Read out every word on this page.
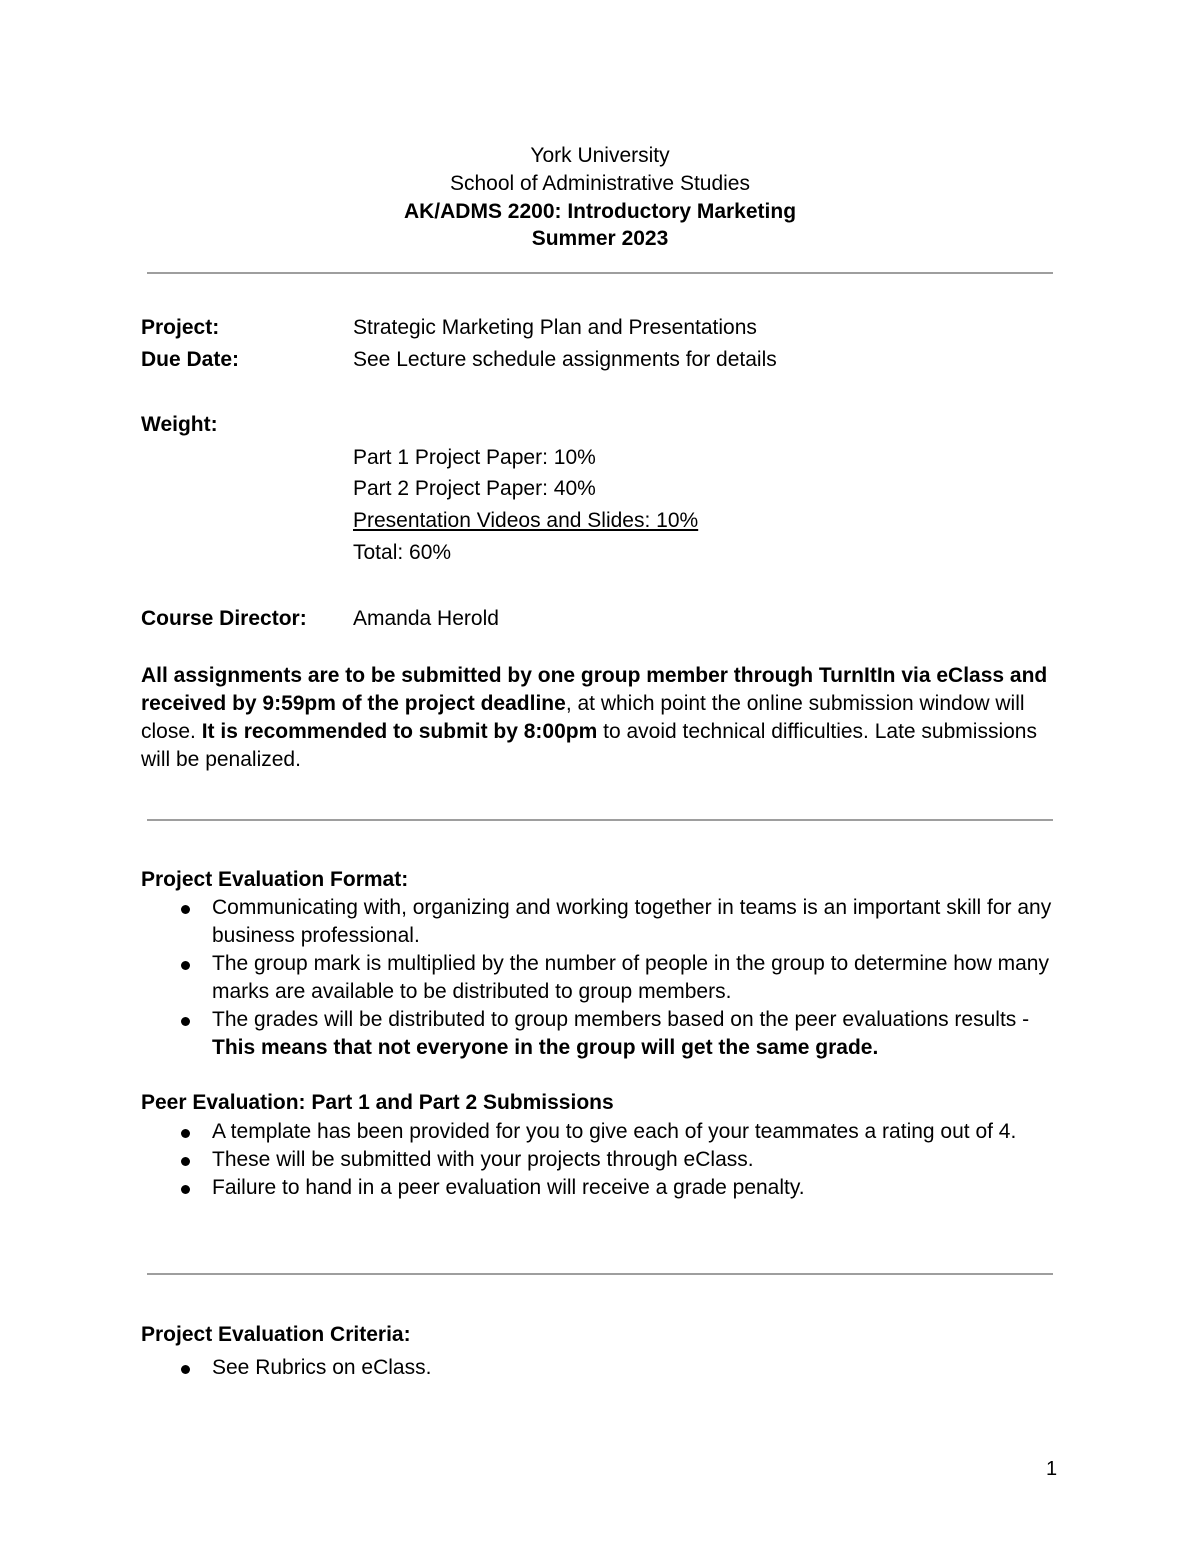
York University
School of Administrative Studies
AK/ADMS 2200: Introductory Marketing
Summer 2023
Project:	Strategic Marketing Plan and Presentations
Due Date:	See Lecture schedule assignments for details
Weight:
Part 1 Project Paper: 10%
Part 2 Project Paper: 40%
Presentation Videos and Slides: 10%
Total: 60%
Course Director: Amanda Herold
All assignments are to be submitted by one group member through TurnItIn via eClass and received by 9:59pm of the project deadline, at which point the online submission window will close. It is recommended to submit by 8:00pm to avoid technical difficulties. Late submissions will be penalized.
Project Evaluation Format:
Communicating with, organizing and working together in teams is an important skill for any business professional.
The group mark is multiplied by the number of people in the group to determine how many marks are available to be distributed to group members.
The grades will be distributed to group members based on the peer evaluations results - This means that not everyone in the group will get the same grade.
Peer Evaluation: Part 1 and Part 2 Submissions
A template has been provided for you to give each of your teammates a rating out of 4.
These will be submitted with your projects through eClass.
Failure to hand in a peer evaluation will receive a grade penalty.
Project Evaluation Criteria:
See Rubrics on eClass.
1
